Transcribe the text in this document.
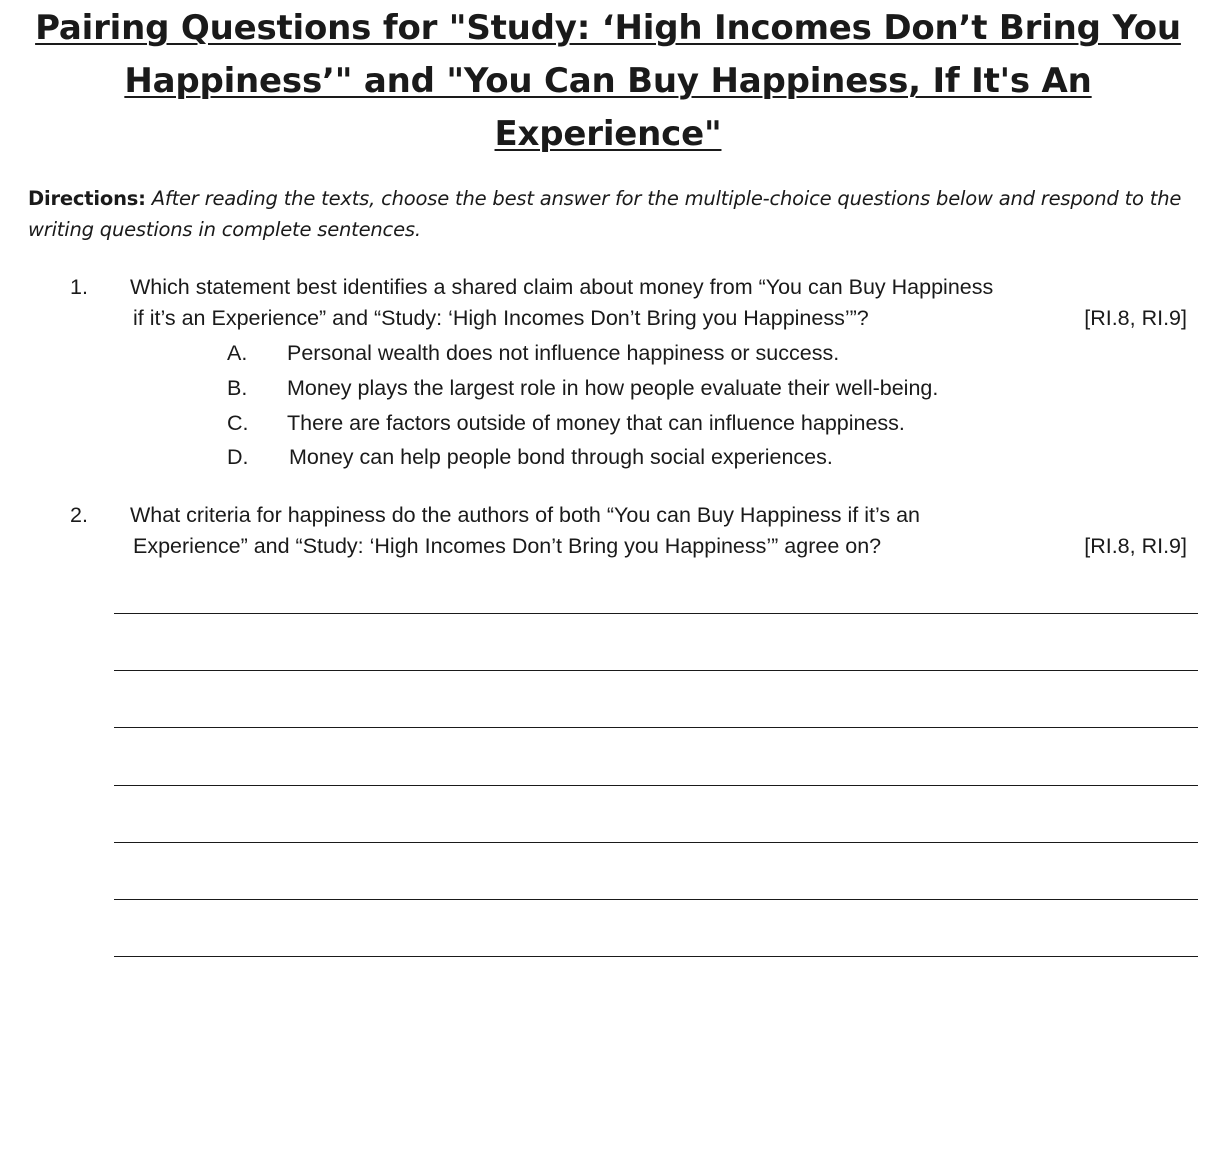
Pairing Questions for "Study: ‘High Incomes Don’t Bring You Happiness’" and "You Can Buy Happiness, If It's An Experience"

Directions: After reading the texts, choose the best answer for the multiple-choice questions below and respond to the writing questions in complete sentences.

1. Which statement best identifies a shared claim about money from “You can Buy Happiness
if it’s an Experience” and “Study: ‘High Incomes Don’t Bring you Happiness’”?	[RI.8, RI.9]
A. Personal wealth does not influence happiness or success.
B. Money plays the largest role in how people evaluate their well-being.
C. There are factors outside of money that can influence happiness.
D. Money can help people bond through social experiences.
2. What criteria for happiness do the authors of both “You can Buy Happiness if it’s an
Experience” and “Study: ‘High Incomes Don’t Bring you Happiness’” agree on?	[RI.8, RI.9]
